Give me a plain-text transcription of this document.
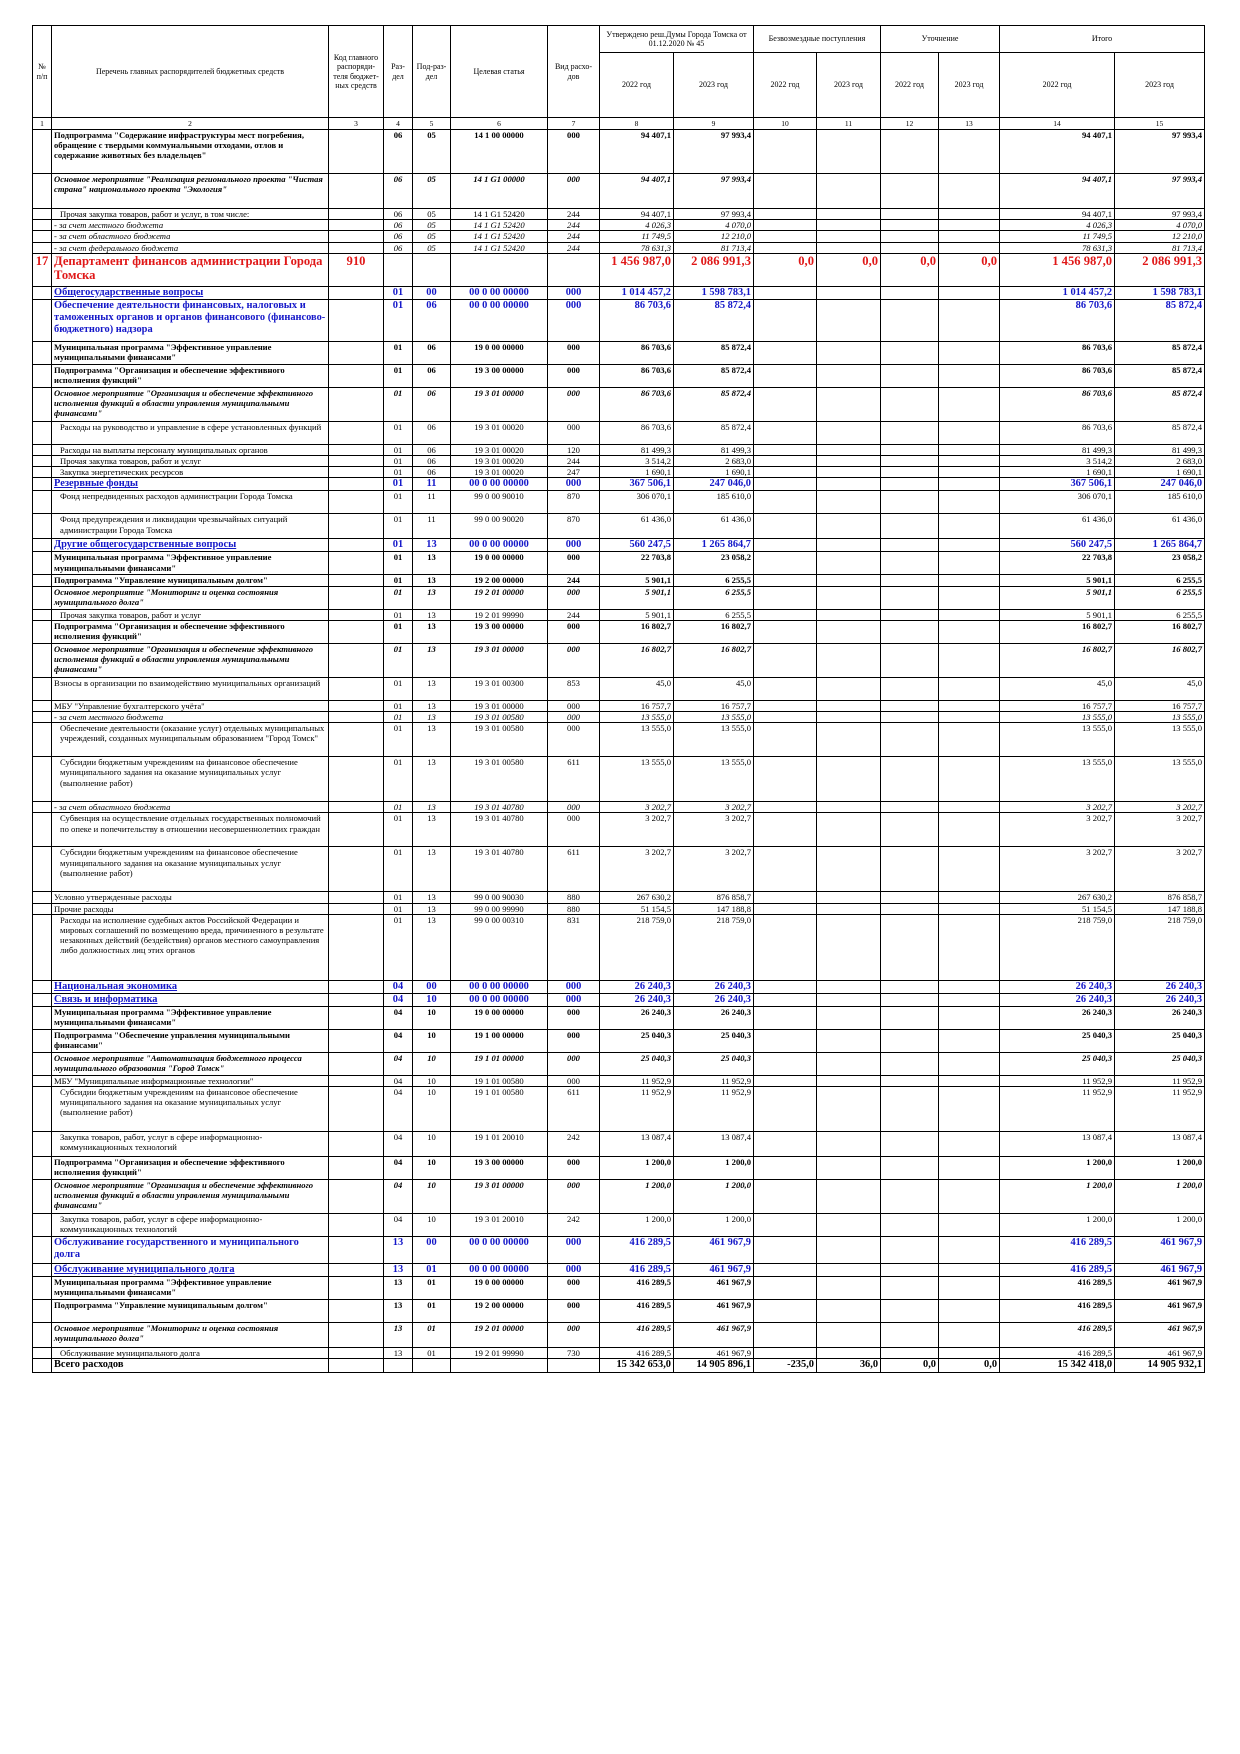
№ п/п	Перечень главных распорядителей бюджетных средств	Код главного распоряди-теля бюджет-ных средств	Раз-дел	Под-раз-дел	Целевая статья	Вид расхо-дов	Утверждено реш.Думы Города Томска от 01.12.2020 № 45		Безвозмездные поступления		Уточнение		Итого	
							2022 год	2023 год	2022 год	2023 год	2022 год	2023 год	2022 год	2023 год
1	2	3	4	5	6	7	8	9	10	11	12	13	14	15
	Подпрограмма "Содержание инфраструктуры мест погребения, обращение с твердыми коммунальными отходами, отлов и содержание животных без владельцев"		06	05	14 1 00 00000	000	94 407,1	97 993,4					94 407,1	97 993,4
	Основное мероприятие "Реализация регионального проекта "Чистая страна" национального проекта "Экология"		06	05	14 1 G1 00000	000	94 407,1	97 993,4					94 407,1	97 993,4
	Прочая закупка товаров, работ и услуг, в том числе:		06	05	14 1 G1 52420	244	94 407,1	97 993,4					94 407,1	97 993,4
	- за счет местного бюджета		06	05	14 1 G1 52420	244	4 026,3	4 070,0					4 026,3	4 070,0
	- за счет областного бюджета		06	05	14 1 G1 52420	244	11 749,5	12 210,0					11 749,5	12 210,0
	- за счет федерального бюджета		06	05	14 1 G1 52420	244	78 631,3	81 713,4					78 631,3	81 713,4
17	Департамент финансов администрации Города Томска	910					1 456 987,0	2 086 991,3	0,0	0,0	0,0	0,0	1 456 987,0	2 086 991,3
	Общегосударственные вопросы		01	00	00 0 00 00000	000	1 014 457,2	1 598 783,1					1 014 457,2	1 598 783,1
	Обеспечение деятельности финансовых, налоговых и таможенных органов и органов финансового (финансово-бюджетного) надзора		01	06	00 0 00 00000	000	86 703,6	85 872,4					86 703,6	85 872,4
	Муниципальная программа "Эффективное управление муниципальными финансами"		01	06	19 0 00 00000	000	86 703,6	85 872,4					86 703,6	85 872,4
	Подпрограмма "Организация и обеспечение эффективного исполнения функций"		01	06	19 3 00 00000	000	86 703,6	85 872,4					86 703,6	85 872,4
	Основное мероприятие "Организация и обеспечение эффективного исполнения функций в области управления муниципальными финансами"		01	06	19 3 01 00000	000	86 703,6	85 872,4					86 703,6	85 872,4
	Расходы на руководство и управление в сфере установленных функций		01	06	19 3 01 00020	000	86 703,6	85 872,4					86 703,6	85 872,4
	Расходы на выплаты персоналу муниципальных органов		01	06	19 3 01 00020	120	81 499,3	81 499,3					81 499,3	81 499,3
	Прочая закупка товаров, работ и услуг		01	06	19 3 01 00020	244	3 514,2	2 683,0					3 514,2	2 683,0
	Закупка энергетических ресурсов		01	06	19 3 01 00020	247	1 690,1	1 690,1					1 690,1	1 690,1
	Резервные фонды		01	11	00 0 00 00000	000	367 506,1	247 046,0					367 506,1	247 046,0
	Фонд непредвиденных расходов администрации Города Томска		01	11	99 0 00 90010	870	306 070,1	185 610,0					306 070,1	185 610,0
	Фонд предупреждения и ликвидации чрезвычайных ситуаций администрации Города Томска		01	11	99 0 00 90020	870	61 436,0	61 436,0					61 436,0	61 436,0
	Другие общегосударственные вопросы		01	13	00 0 00 00000	000	560 247,5	1 265 864,7					560 247,5	1 265 864,7
	Муниципальная программа "Эффективное управление муниципальными финансами"		01	13	19 0 00 00000	000	22 703,8	23 058,2					22 703,8	23 058,2
	Подпрограмма "Управление муниципальным долгом"		01	13	19 2 00 00000	244	5 901,1	6 255,5					5 901,1	6 255,5
	Основное мероприятие "Мониторинг и оценка состояния муниципального долга"		01	13	19 2 01 00000	000	5 901,1	6 255,5					5 901,1	6 255,5
	Прочая закупка товаров, работ и услуг		01	13	19 2 01 99990	244	5 901,1	6 255,5					5 901,1	6 255,5
	Подпрограмма "Организация и обеспечение эффективного исполнения функций"		01	13	19 3 00 00000	000	16 802,7	16 802,7					16 802,7	16 802,7
	Основное мероприятие "Организация и обеспечение эффективного исполнения функций в области управления муниципальными финансами"		01	13	19 3 01 00000	000	16 802,7	16 802,7					16 802,7	16 802,7
	Взносы в организации по взаимодействию муниципальных организаций		01	13	19 3 01 00300	853	45,0	45,0					45,0	45,0
	МБУ "Управление бухгалтерского учёта"		01	13	19 3 01 00000	000	16 757,7	16 757,7					16 757,7	16 757,7
	- за счет местного бюджета		01	13	19 3 01 00580	000	13 555,0	13 555,0					13 555,0	13 555,0
	Обеспечение деятельности (оказание услуг) отдельных муниципальных учреждений, созданных муниципальным образованием "Город Томск"		01	13	19 3 01 00580	000	13 555,0	13 555,0					13 555,0	13 555,0
	Субсидии бюджетным учреждениям на финансовое обеспечение муниципального задания на оказание муниципальных услуг (выполнение работ)		01	13	19 3 01 00580	611	13 555,0	13 555,0					13 555,0	13 555,0
	- за счет областного бюджета		01	13	19 3 01 40780	000	3 202,7	3 202,7					3 202,7	3 202,7
	Субвенция на осуществление отдельных государственных полномочий по опеке и попечительству в отношении несовершеннолетних граждан		01	13	19 3 01 40780	000	3 202,7	3 202,7					3 202,7	3 202,7
	Субсидии бюджетным учреждениям на финансовое обеспечение муниципального задания на оказание муниципальных услуг (выполнение работ)		01	13	19 3 01 40780	611	3 202,7	3 202,7					3 202,7	3 202,7
	Условно утвержденные расходы		01	13	99 0 00 90030	880	267 630,2	876 858,7					267 630,2	876 858,7
	Прочие расходы		01	13	99 0 00 99990	880	51 154,5	147 188,8					51 154,5	147 188,8
	Расходы на исполнение судебных актов Российской Федерации и мировых соглашений по возмещению вреда, причиненного в результате незаконных действий (бездействия) органов местного самоуправления либо должностных лиц этих органов		01	13	99 0 00 00310	831	218 759,0	218 759,0					218 759,0	218 759,0
	Национальная экономика		04	00	00 0 00 00000	000	26 240,3	26 240,3					26 240,3	26 240,3
	Связь и информатика		04	10	00 0 00 00000	000	26 240,3	26 240,3					26 240,3	26 240,3
	Муниципальная программа "Эффективное управление муниципальными финансами"		04	10	19 0 00 00000	000	26 240,3	26 240,3					26 240,3	26 240,3
	Подпрограмма "Обеспечение управления муниципальными финансами"		04	10	19 1 00 00000	000	25 040,3	25 040,3					25 040,3	25 040,3
	Основное мероприятие "Автоматизация бюджетного процесса муниципального образования "Город Томск"		04	10	19 1 01 00000	000	25 040,3	25 040,3					25 040,3	25 040,3
	МБУ "Муниципальные информационные технологии"		04	10	19 1 01 00580	000	11 952,9	11 952,9					11 952,9	11 952,9
	Субсидии бюджетным учреждениям на финансовое обеспечение муниципального задания на оказание муниципальных услуг (выполнение работ)		04	10	19 1 01 00580	611	11 952,9	11 952,9					11 952,9	11 952,9
	Закупка товаров, работ, услуг в сфере информационно-коммуникационных технологий		04	10	19 1 01 20010	242	13 087,4	13 087,4					13 087,4	13 087,4
	Подпрограмма "Организация и обеспечение эффективного исполнения функций"		04	10	19 3 00 00000	000	1 200,0	1 200,0					1 200,0	1 200,0
	Основное мероприятие "Организация и обеспечение эффективного исполнения функций в области управления муниципальными финансами"		04	10	19 3 01 00000	000	1 200,0	1 200,0					1 200,0	1 200,0
	Закупка товаров, работ, услуг в сфере информационно-коммуникационных технологий		04	10	19 3 01 20010	242	1 200,0	1 200,0					1 200,0	1 200,0
	Обслуживание государственного и муниципального долга		13	00	00 0 00 00000	000	416 289,5	461 967,9					416 289,5	461 967,9
	Обслуживание муниципального долга		13	01	00 0 00 00000	000	416 289,5	461 967,9					416 289,5	461 967,9
	Муниципальная программа "Эффективное управление муниципальными финансами"		13	01	19 0 00 00000	000	416 289,5	461 967,9					416 289,5	461 967,9
	Подпрограмма "Управление муниципальным долгом"		13	01	19 2 00 00000	000	416 289,5	461 967,9					416 289,5	461 967,9
	Основное мероприятие "Мониторинг и оценка состояния муниципального долга"		13	01	19 2 01 00000	000	416 289,5	461 967,9					416 289,5	461 967,9
	Обслуживание муниципального долга		13	01	19 2 01 99990	730	416 289,5	461 967,9					416 289,5	461 967,9
	Всего расходов						15 342 653,0	14 905 896,1	-235,0	36,0	0,0	0,0	15 342 418,0	14 905 932,1
